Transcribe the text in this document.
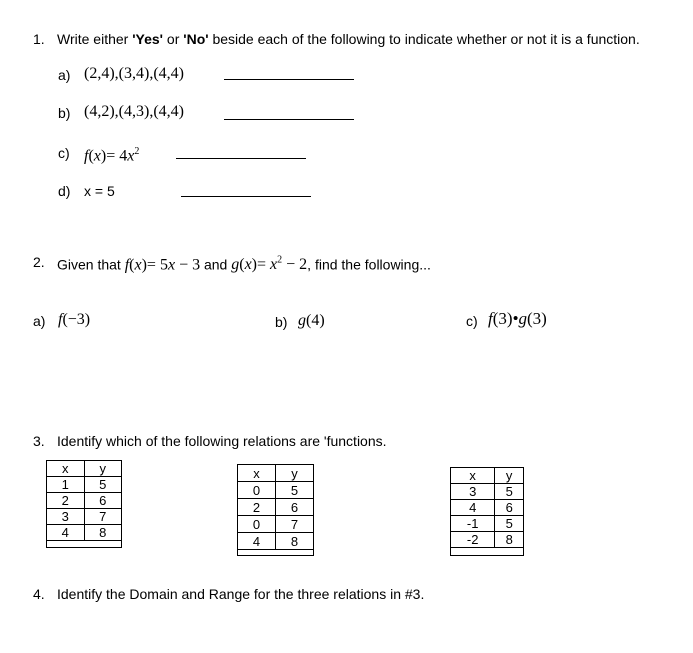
1. Write either 'Yes' or 'No' beside each of the following to indicate whether or not it is a function.
a) (2,4),(3,4),(4,4)
b) (4,2),(4,3),(4,4)
c) $f(x)= 4x^2$
d) x = 5
2. Given that f(x)= 5x − 3 and $g(x)= x^2 - 2$, find the following...
a) f(−3)	b) g(4)	c) f(3)•g(3)
3. Identify which of the following relations are 'functions.
x	y
1	5
2	6
3	7
4	8
x	y
0	5
2	6
0	7
4	8
x	y
3	5
4	6
-1	5
-2	8
4. Identify the Domain and Range for the three relations in #3.
